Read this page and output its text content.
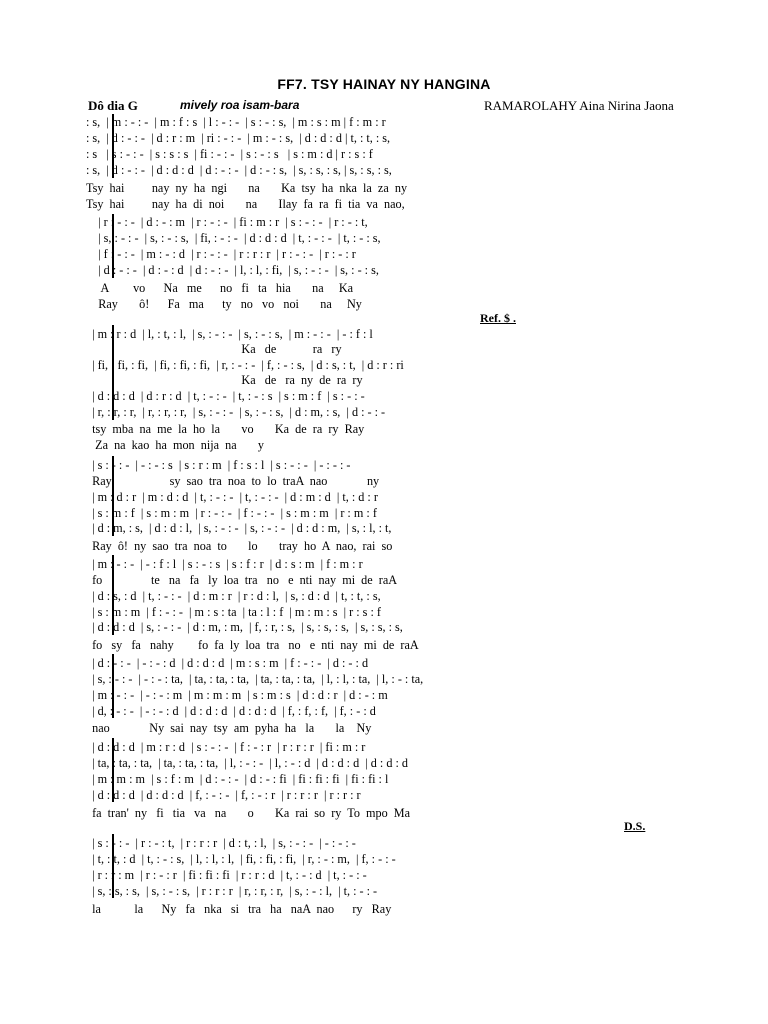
FF7. TSY HAINAY NY HANGINA
Dô dia G	mively roa isam-bara	RAMAROLAHY Aina Nirina Jaona
: s,  | m : - : -  | m : f : s  | l : - : -  | s : - : s,  | m : s : m | f : m : r
: s,  | d : - : -  | d : r : m  | ri : - : -  | m : - : s,  | d : d : d | t, : t, : s,
: s   | s : - : -  | s : s : s  | fi : - : -  | s : - : s   | s : m : d | r : s : f
: s,  | d : - : -  | d : d : d  | d : - : -  | d : - : s,  | s, : s, : s, | s, : s, : s,
Tsy  hai         nay  ny  ha  ngi       na       Ka  tsy  ha  nka  la  za  ny
Tsy  hai         nay  ha  di  noi       na       Ilay  fa  ra  fi  tia  va  nao,
| r : - : -  | d : - : m  | r : - : -  | fi : m : r  | s : - : -  | r : - : t,
| s, : - : -  | s, : - : s,  | fi, : - : -  | d : d : d  | t, : - : -  | t, : - : s,
| f : - : -  | m : - : d  | r : - : -  | r : r : r  | r : - : -  | r : - : r
| d : - : -  | d : - : d  | d : - : -  | l, : l, : fi,  | s, : - : -  | s, : - : s,
A        vo      Na   me      no   fi   ta   hia       na     Ka
Ray       ô!      Fa   ma      ty   no   vo   noi       na     Ny
Ref. $ .
| m : r : d  | l, : t, : l,  | s, : - : -  | s, : - : s,  | m : - : -  | - : f : l
Ka   de            ra   ry
| fi, : fi, : fi,  | fi, : fi, : fi,  | r, : - : -  | f, : - : s,  | d : s, : t,  | d : r : ri
Ka   de   ra  ny  de  ra  ry
| d : d : d  | d : r : d  | t, : - : -  | t, : - : s  | s : m : f  | s : - : -
| r, : r, : r,  | r, : r, : r,  | s, : - : -  | s, : - : s,  | d : m, : s,  | d : - : -
tsy  mba  na  me  la  ho  la       vo       Ka  de  ra  ry  Ray
Za  na  kao  ha  mon  nija  na       y
| s : - : -  | - : - : s  | s : r : m  | f : s : l  | s : - : -  | - : - : -
Ray                   sy  sao  tra  noa  to  lo  traA  nao             ny
| m : d : r  | m : d : d  | t, : - : -  | t, : - : -  | d : m : d  | t, : d : r
| s : m : f  | s : m : m  | r : - : -  | f : - : -  | s : m : m  | r : m : f
| d : m, : s,  | d : d : l,  | s, : - : -  | s, : - : -  | d : d : m,  | s, : l, : t,
Ray  ô!  ny  sao  tra  noa  to       lo       tray  ho  A  nao,  rai  so
| m : - : -  | - : f : l  | s : - : s  | s : f : r  | d : s : m  | f : m : r
fo                te   na   fa   ly  loa  tra   no   e  nti  nay  mi  de  raA
| d : s, : d  | t, : - : -  | d : m : r  | r : d : l,  | s, : d : d  | t, : t, : s,
| s : m : m  | f : - : -  | m : s : ta  | ta : l : f  | m : m : s  | r : s : f
| d : d : d  | s, : - : -  | d : m, : m,  | f, : r, : s,  | s, : s, : s,  | s, : s, : s,
fo   sy   fa   nahy        fo  fa  ly  loa  tra   no   e  nti  nay  mi  de  raA
| d : - : -  | - : - : d  | d : d : d  | m : s : m  | f : - : -  | d : - : d
| s, : - : -  | - : - : ta,  | ta, : ta, : ta,  | ta, : ta, : ta,  | l, : l, : ta,  | l, : - : ta,
| m : - : -  | - : - : m  | m : m : m  | s : m : s  | d : d : r  | d : - : m
| d, : - : -  | - : - : d  | d : d : d  | d : d : d  | f, : f, : f,  | f, : - : d
nao             Ny  sai  nay  tsy  am  pyha  ha   la       la    Ny
| d : d : d  | m : r : d  | s : - : -  | f : - : r  | r : r : r  | fi : m : r
| ta, : ta, : ta,  | ta, : ta, : ta,  | l, : - : -  | l, : - : d  | d : d : d  | d : d : d
| m : m : m  | s : f : m  | d : - : -  | d : - : fi  | fi : fi : fi  | fi : fi : l
| d : d : d  | d : d : d  | f, : - : -  | f, : - : r  | r : r : r  | r : r : r
fa  tran'  ny   fi   tia   va   na       o       Ka  rai  so  ry  To  mpo  Ma
D.S.
| s : - : -  | r : - : t,  | r : r : r  | d : t, : l,  | s, : - : -  | - : - : -
| t, : t, : d  | t, : - : s,  | l, : l, : l,  | fi, : fi, : fi,  | r, : - : m,  | f, : - : -
| r : r : m  | r : - : r  | fi : fi : fi  | r : r : d  | t, : - : d  | t, : - : -
| s, : s, : s,  | s, : - : s,  | r : r : r  | r, : r, : r,  | s, : - : l,  | t, : - : -
la           la      Ny   fa   nka   si   tra   ha   naA  nao      ry   Ray
